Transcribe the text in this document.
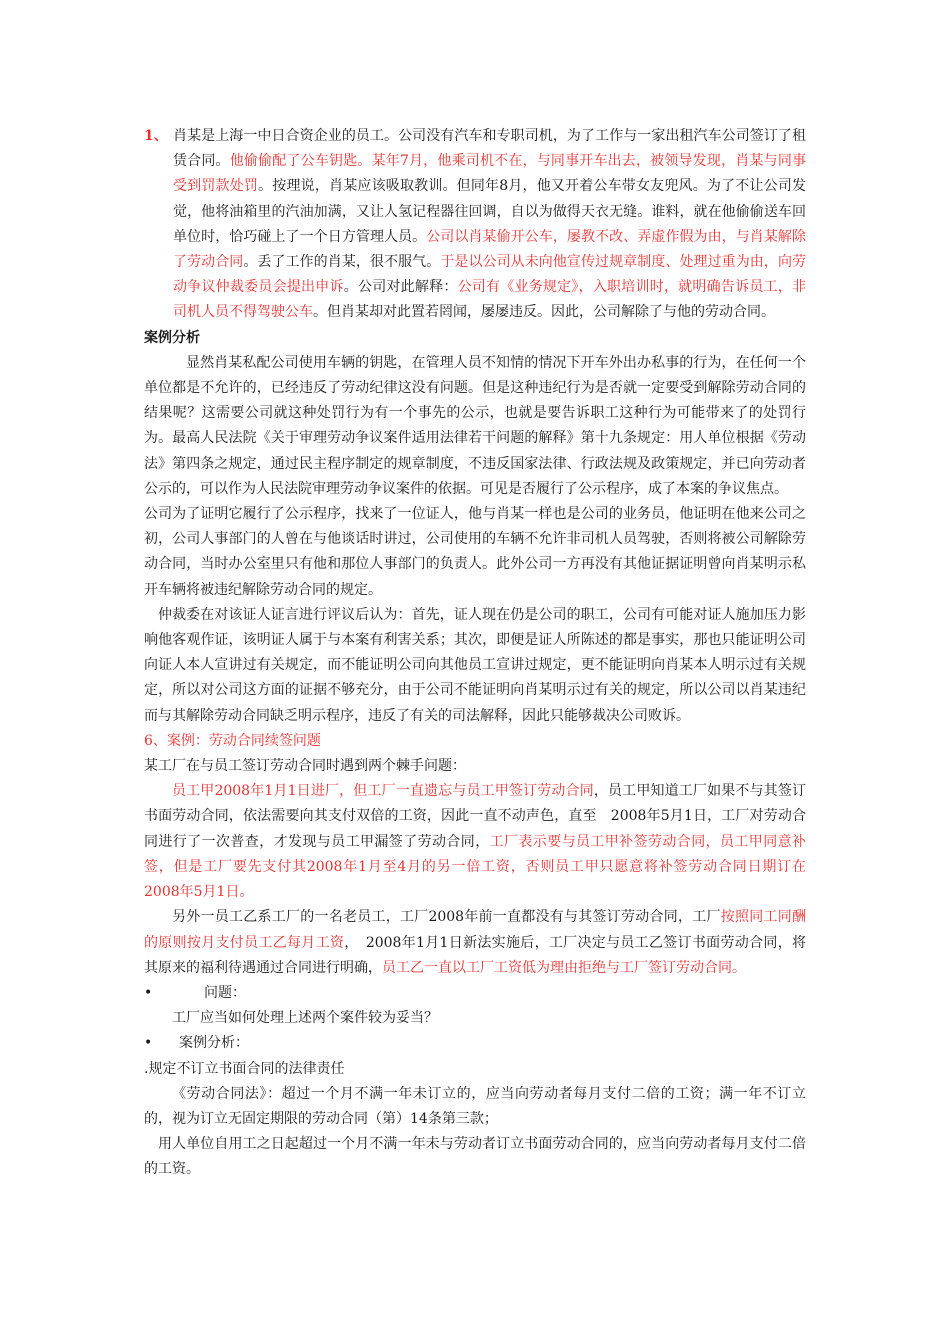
1、 肖某是上海一中日合资企业的员工。公司没有汽车和专职司机，为了工作与一家出租汽车公司签订了租赁合同。他偷偷配了公车钥匙。某年7月，他乘司机不在，与同事开车出去，被领导发现，肖某与同事受到罚款处罚。按理说，肖某应该吸取教训。但同年8月，他又开着公车带女友兜风。为了不让公司发觉，他将油箱里的汽油加满，又让人氢记程器往回调，自以为做得天衣无缝。谁料，就在他偷偷送车回单位时，恰巧碰上了一个日方管理人员。公司以肖某偷开公车，屡教不改、弄虚作假为由，与肖某解除了劳动合同。丢了工作的肖某，很不服气。于是以公司从未向他宣传过规章制度、处理过重为由，向劳动争议仲裁委员会提出申诉。公司对此解释：公司有《业务规定》，入职培训时，就明确告诉员工，非司机人员不得驾驶公车。但肖某却对此置若罔闻，屡屡违反。因此，公司解除了与他的劳动合同。

案例分析

显然肖某私配公司使用车辆的钥匙，在管理人员不知情的情况下开车外出办私事的行为，在任何一个单位都是不允许的，已经违反了劳动纪律这没有问题。但是这种违纪行为是否就一定要受到解除劳动合同的结果呢？这需要公司就这种处罚行为有一个事先的公示，也就是要告诉职工这种行为可能带来了的处罚行为。最高人民法院《关于审理劳动争议案件适用法律若干问题的解释》第十九条规定：用人单位根据《劳动法》第四条之规定，通过民主程序制定的规章制度，不违反国家法律、行政法规及政策规定，并已向劳动者公示的，可以作为人民法院审理劳动争议案件的依据。可见是否履行了公示程序，成了本案的争议焦点。

公司为了证明它履行了公示程序，找来了一位证人，他与肖某一样也是公司的业务员，他证明在他来公司之初，公司人事部门的人曾在与他谈话时讲过，公司使用的车辆不允许非司机人员驾驶，否则将被公司解除劳动合同，当时办公室里只有他和那位人事部门的负责人。此外公司一方再没有其他证据证明曾向肖某明示私开车辆将被违纪解除劳动合同的规定。

仲裁委在对该证人证言进行评议后认为：首先，证人现在仍是公司的职工，公司有可能对证人施加压力影响他客观作证，该明证人属于与本案有利害关系；其次，即便是证人所陈述的都是事实，那也只能证明公司向证人本人宣讲过有关规定，而不能证明公司向其他员工宣讲过规定，更不能证明向肖某本人明示过有关规定，所以对公司这方面的证据不够充分，由于公司不能证明向肖某明示过有关的规定，所以公司以肖某违纪而与其解除劳动合同缺乏明示程序，违反了有关的司法解释，因此只能够裁决公司败诉。

6、案例：劳动合同续签问题

某工厂在与员工签订劳动合同时遇到两个棘手问题：

员工甲2008年1月1日进厂，但工厂一直遗忘与员工甲签订劳动合同，员工甲知道工厂如果不与其签订书面劳动合同，依法需要向其支付双倍的工资，因此一直不动声色，直至　2008年5月1日，工厂对劳动合同进行了一次普查，才发现与员工甲漏签了劳动合同，工厂表示要与员工甲补签劳动合同，员工甲同意补签，但是工厂要先支付其2008年1月至4月的另一倍工资，否则员工甲只愿意将补签劳动合同日期订在　2008年5月1日。

另外一员工乙系工厂的一名老员工，工厂2008年前一直都没有与其签订劳动合同，工厂按照同工同酬的原则按月支付员工乙每月工资，　2008年1月1日新法实施后，工厂决定与员工乙签订书面劳动合同，将其原来的福利待遇通过合同进行明确，员工乙一直以工厂工资低为理由拒绝与工厂签订劳动合同。

•	问题：

工厂应当如何处理上述两个案件较为妥当？

•	案例分析：

.规定不订立书面合同的法律责任

《劳动合同法》：超过一个月不满一年未订立的，应当向劳动者每月支付二倍的工资；满一年不订立的，视为订立无固定期限的劳动合同（第）14条第三款；

用人单位自用工之日起超过一个月不满一年未与劳动者订立书面劳动合同的，应当向劳动者每月支付二倍的工资。
